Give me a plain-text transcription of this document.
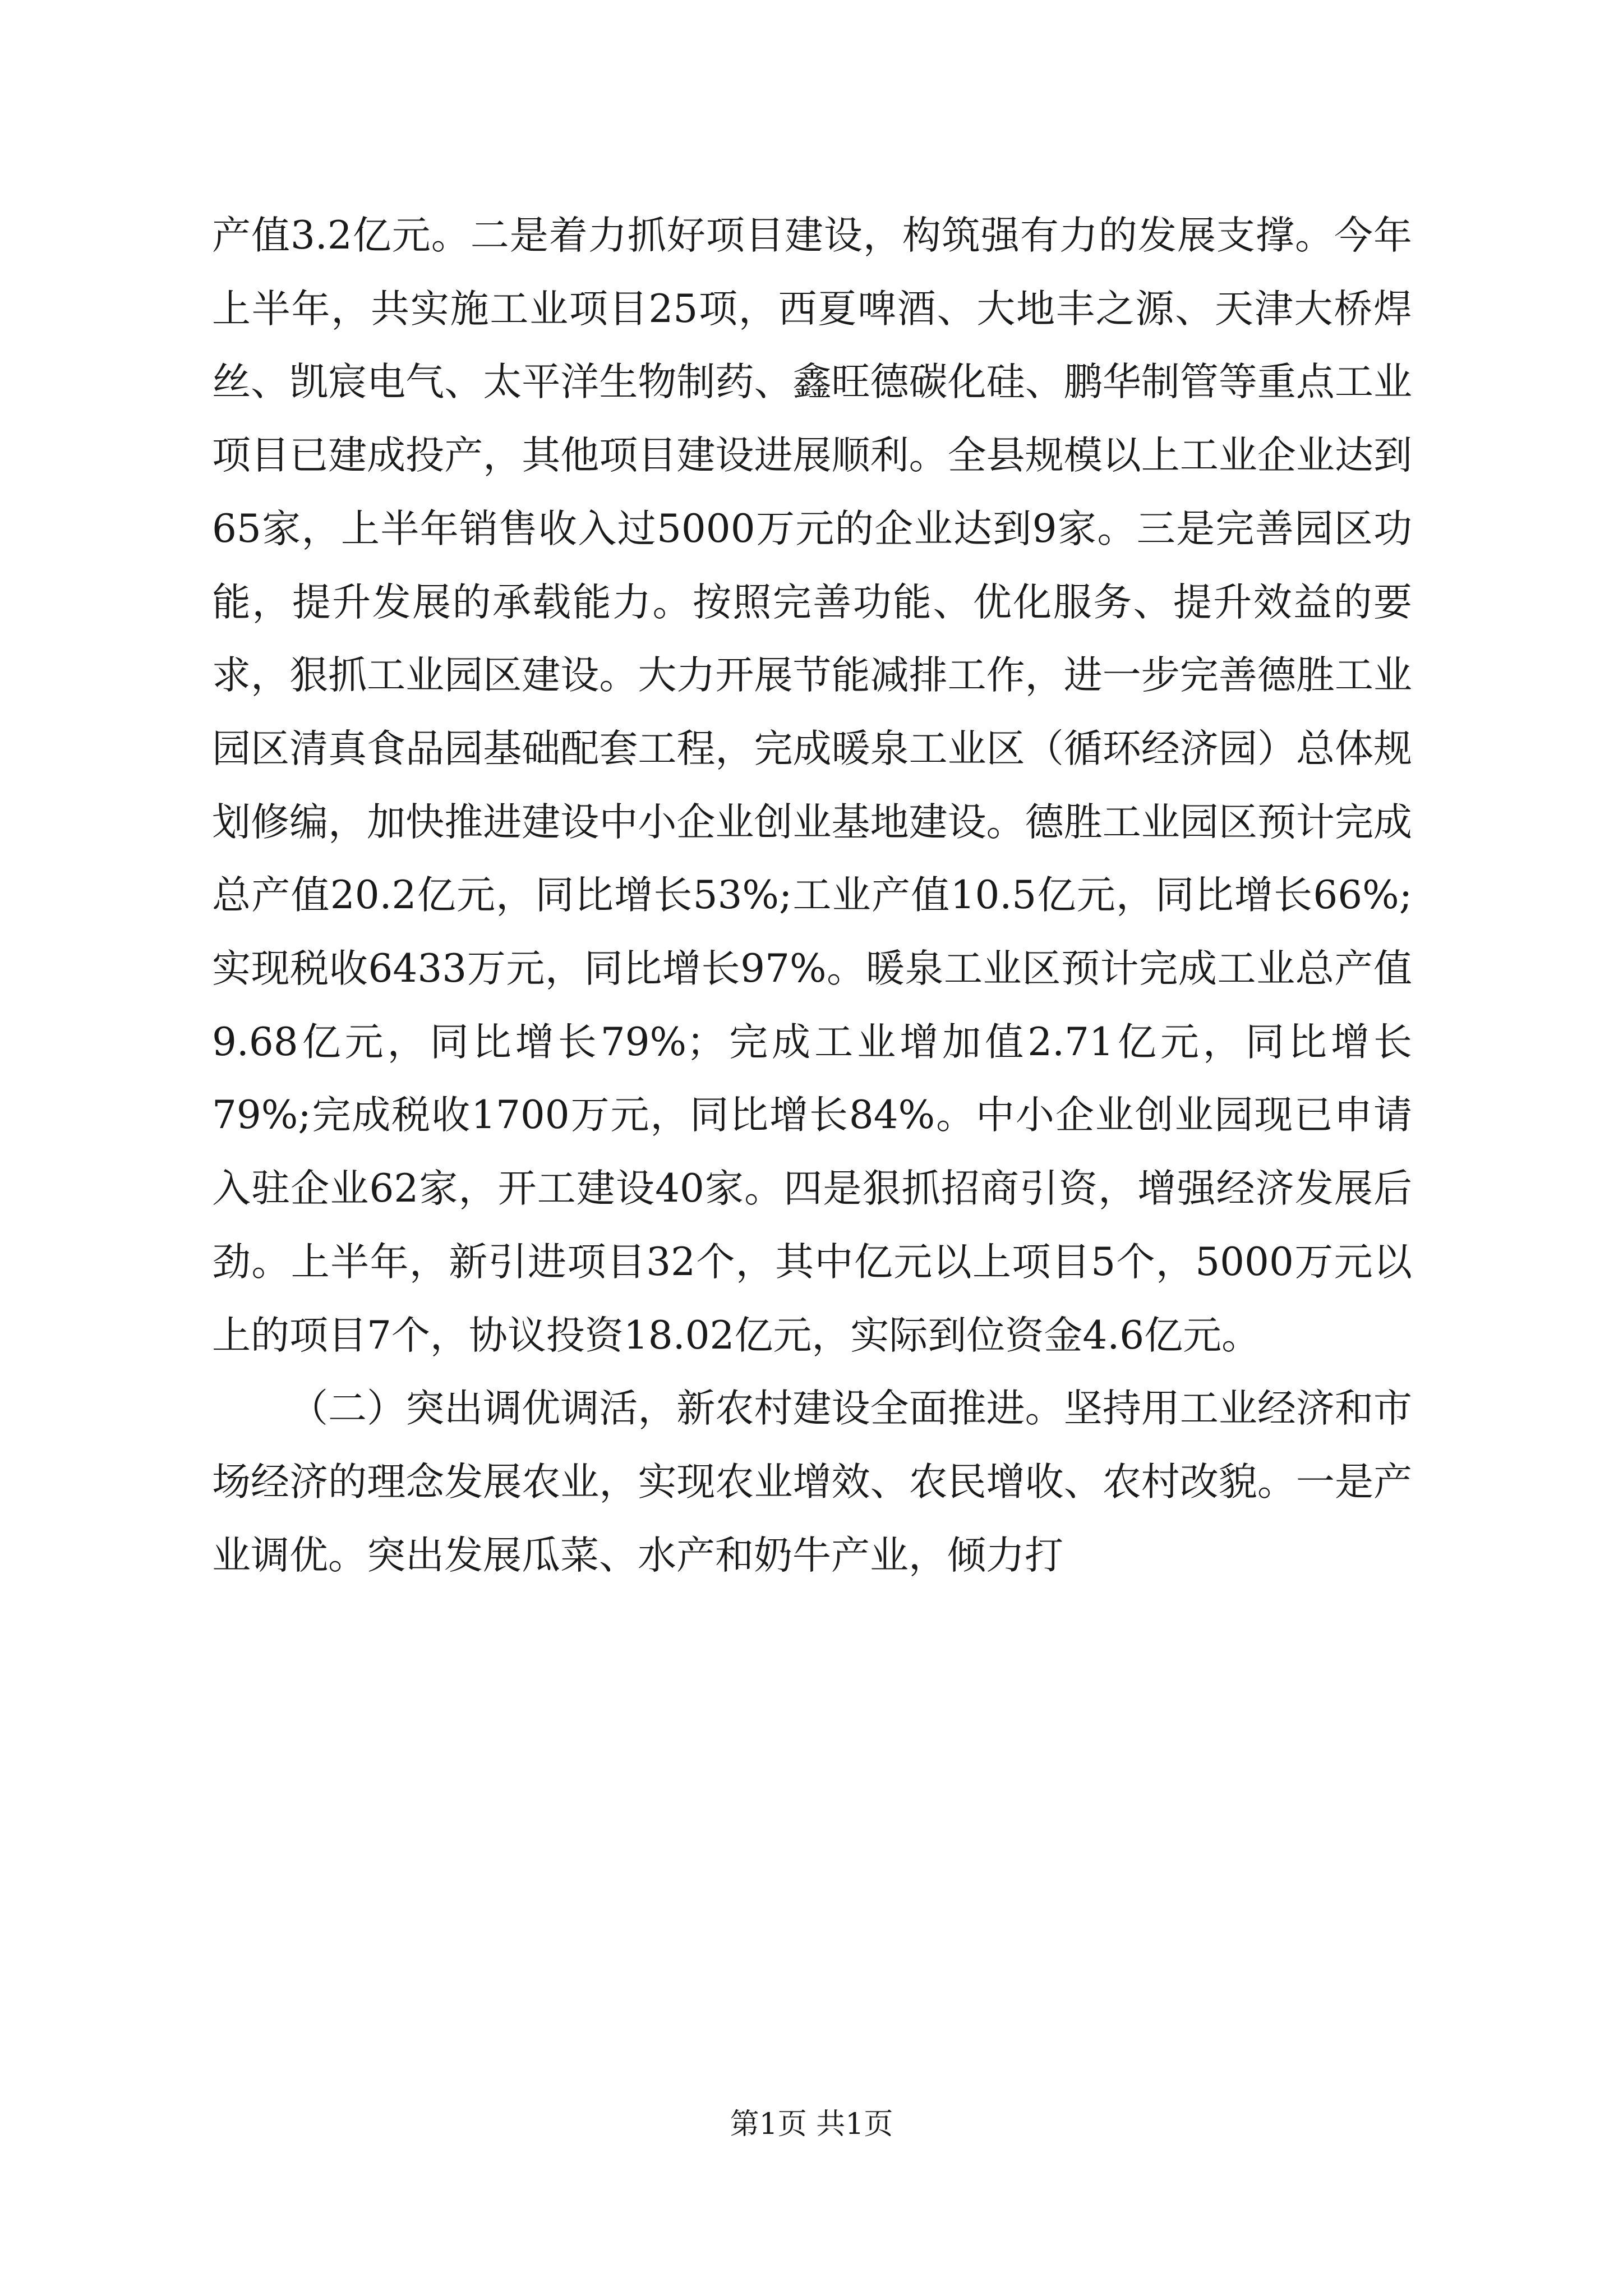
产值3.2亿元。二是着力抓好项目建设，构筑强有力的发展支撑。今年上半年，共实施工业项目25项，西夏啤酒、大地丰之源、天津大桥焊丝、凯宸电气、太平洋生物制药、鑫旺德碳化硅、鹏华制管等重点工业项目已建成投产，其他项目建设进展顺利。全县规模以上工业企业达到65家，上半年销售收入过5000万元的企业达到9家。三是完善园区功能，提升发展的承载能力。按照完善功能、优化服务、提升效益的要求，狠抓工业园区建设。大力开展节能减排工作，进一步完善德胜工业园区清真食品园基础配套工程，完成暖泉工业区（循环经济园）总体规划修编，加快推进建设中小企业创业基地建设。德胜工业园区预计完成总产值20.2亿元，同比增长53%;工业产值10.5亿元，同比增长66%;实现税收6433万元，同比增长97%。暖泉工业区预计完成工业总产值9.68亿元，同比增长79%；完成工业增加值2.71亿元，同比增长79%;完成税收1700万元，同比增长84%。中小企业创业园现已申请入驻企业62家，开工建设40家。四是狠抓招商引资，增强经济发展后劲。上半年，新引进项目32个，其中亿元以上项目5个，5000万元以上的项目7个，协议投资18.02亿元，实际到位资金4.6亿元。

（二）突出调优调活，新农村建设全面推进。坚持用工业经济和市场经济的理念发展农业，实现农业增效、农民增收、农村改貌。一是产业调优。突出发展瓜菜、水产和奶牛产业，倾力打

第1页 共1页
